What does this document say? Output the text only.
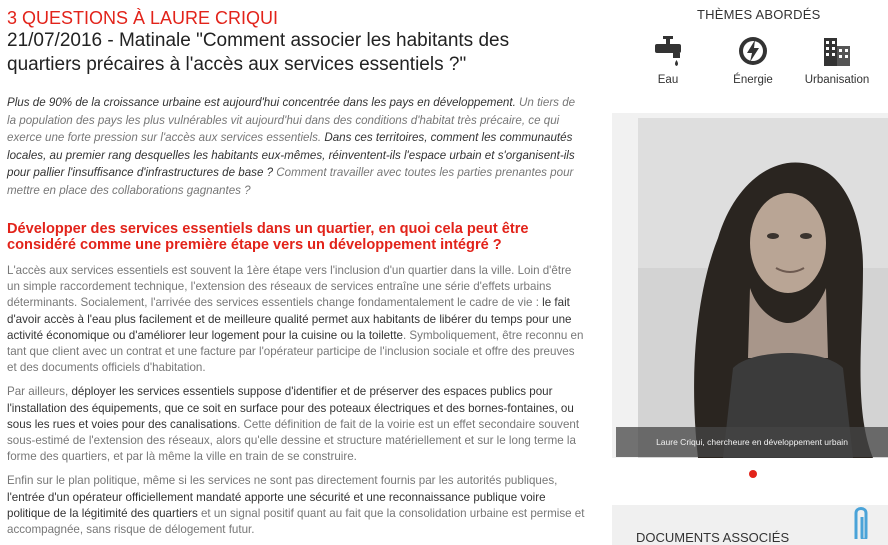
3 QUESTIONS À LAURE CRIQUI
21/07/2016 - Matinale "Comment associer les habitants des quartiers précaires à l'accès aux services essentiels ?"

Plus de 90% de la croissance urbaine est aujourd'hui concentrée dans les pays en développement. Un tiers de la population des pays les plus vulnérables vit aujourd'hui dans des conditions d'habitat très précaire, ce qui exerce une forte pression sur l'accès aux services essentiels. Dans ces territoires, comment les communautés locales, au premier rang desquelles les habitants eux-mêmes, réinventent-ils l'espace urbain et s'organisent-ils pour pallier l'insuffisance d'infrastructures de base ? Comment travailler avec toutes les parties prenantes pour mettre en place des collaborations gagnantes ?

Développer des services essentiels dans un quartier, en quoi cela peut être considéré comme une première étape vers un développement intégré ?

L'accès aux services essentiels est souvent la 1ère étape vers l'inclusion d'un quartier dans la ville. Loin d'être un simple raccordement technique, l'extension des réseaux de services entraîne une série d'effets urbains déterminants. Socialement, l'arrivée des services essentiels change fondamentalement le cadre de vie : le fait d'avoir accès à l'eau plus facilement et de meilleure qualité permet aux habitants de libérer du temps pour une activité économique ou d'améliorer leur logement pour la cuisine ou la toilette. Symboliquement, être reconnu en tant que client avec un contrat et une facture par l'opérateur participe de l'inclusion sociale et offre des preuves et des documents officiels d'habitation.

Par ailleurs, déployer les services essentiels suppose d'identifier et de préserver des espaces publics pour l'installation des équipements, que ce soit en surface pour des poteaux électriques et des bornes-fontaines, ou sous les rues et voies pour des canalisations. Cette définition de fait de la voirie est un effet secondaire souvent sous-estimé de l'extension des réseaux, alors qu'elle dessine et structure matériellement et sur le long terme la forme des quartiers, et par là même la ville en train de se construire.

Enfin sur le plan politique, même si les services ne sont pas directement fournis par les autorités publiques, l'entrée d'un opérateur officiellement mandaté apporte une sécurité et une reconnaissance publique voire politique de la légitimité des quartiers et un signal positif quant au fait que la consolidation urbaine est permise et accompagnée, sans risque de délogement futur.

THÈMES ABORDÉS
Eau	Énergie	Urbanisation
Laure Criqui, chercheure en développement urbain
DOCUMENTS ASSOCIÉS
